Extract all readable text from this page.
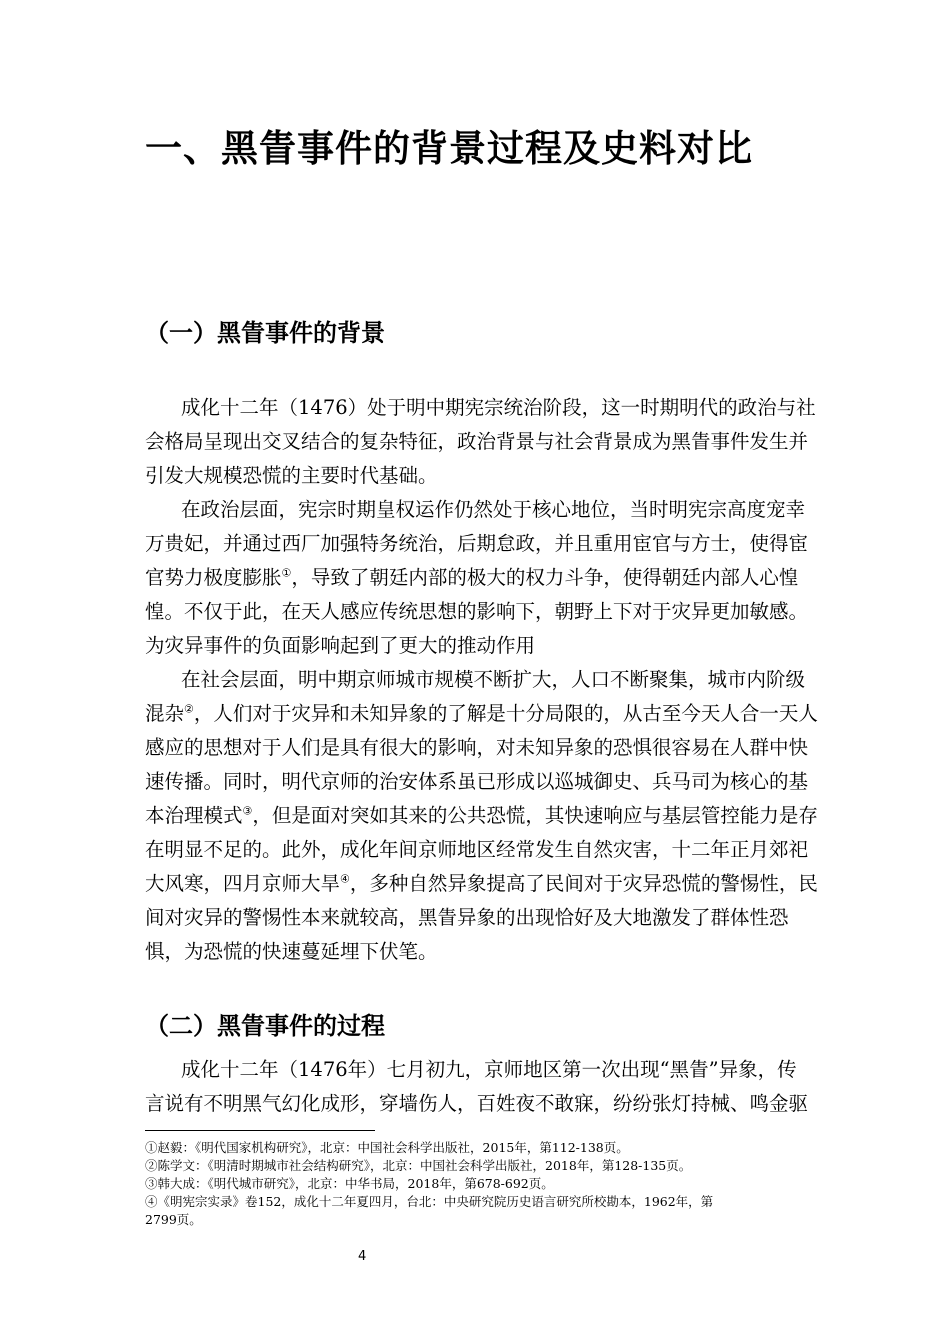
一、黑眚事件的背景过程及史料对比
（一）黑眚事件的背景
成化十二年（1476）处于明中期宪宗统治阶段，这一时期明代的政治与社
会格局呈现出交叉结合的复杂特征，政治背景与社会背景成为黑眚事件发生并
引发大规模恐慌的主要时代基础。
在政治层面，宪宗时期皇权运作仍然处于核心地位，当时明宪宗高度宠幸
万贵妃，并通过西厂加强特务统治，后期怠政，并且重用宦官与方士，使得宦
官势力极度膨胀①，导致了朝廷内部的极大的权力斗争，使得朝廷内部人心惶
惶。不仅于此，在天人感应传统思想的影响下，朝野上下对于灾异更加敏感。
为灾异事件的负面影响起到了更大的推动作用
在社会层面，明中期京师城市规模不断扩大，人口不断聚集，城市内阶级
混杂②，人们对于灾异和未知异象的了解是十分局限的，从古至今天人合一天人
感应的思想对于人们是具有很大的影响，对未知异象的恐惧很容易在人群中快
速传播。同时，明代京师的治安体系虽已形成以巡城御史、兵马司为核心的基
本治理模式③，但是面对突如其来的公共恐慌，其快速响应与基层管控能力是存
在明显不足的。此外，成化年间京师地区经常发生自然灾害，十二年正月郊祀
大风寒，四月京师大旱④，多种自然异象提高了民间对于灾异恐慌的警惕性，民
间对灾异的警惕性本来就较高，黑眚异象的出现恰好及大地激发了群体性恐
惧，为恐慌的快速蔓延埋下伏笔。
（二）黑眚事件的过程
成化十二年（1476年）七月初九，京师地区第一次出现“黑眚”异象，传
言说有不明黑气幻化成形，穿墙伤人，百姓夜不敢寐，纷纷张灯持械、鸣金驱
①赵毅：《明代国家机构研究》，北京：中国社会科学出版社，2015年，第112-138页。
②陈学文：《明清时期城市社会结构研究》，北京：中国社会科学出版社，2018年，第128-135页。
③韩大成：《明代城市研究》，北京：中华书局，2018年，第678-692页。
④《明宪宗实录》卷152，成化十二年夏四月，台北：中央研究院历史语言研究所校勘本，1962年，第
2799页。
4
